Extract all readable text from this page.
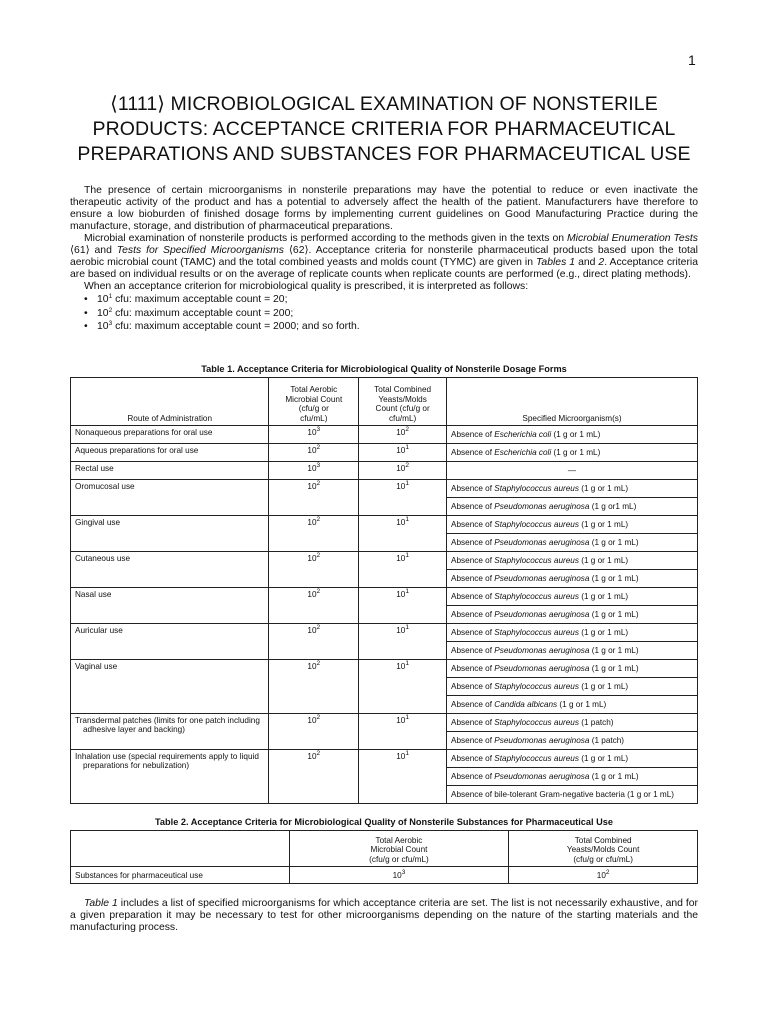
1
⟨1111⟩ MICROBIOLOGICAL EXAMINATION OF NONSTERILE
PRODUCTS: ACCEPTANCE CRITERIA FOR PHARMACEUTICAL
PREPARATIONS AND SUBSTANCES FOR PHARMACEUTICAL USE

The presence of certain microorganisms in nonsterile preparations may have the potential to reduce or even inactivate the therapeutic activity of the product and has a potential to adversely affect the health of the patient. Manufacturers have therefore to ensure a low bioburden of finished dosage forms by implementing current guidelines on Good Manufacturing Practice during the manufacture, storage, and distribution of pharmaceutical preparations.

Microbial examination of nonsterile products is performed according to the methods given in the texts on Microbial Enumeration Tests ⟨61⟩ and Tests for Specified Microorganisms ⟨62⟩. Acceptance criteria for nonsterile pharmaceutical products based upon the total aerobic microbial count (TAMC) and the total combined yeasts and molds count (TYMC) are given in Tables 1 and 2. Acceptance criteria are based on individual results or on the average of replicate counts when replicate counts are performed (e.g., direct plating methods).

When an acceptance criterion for microbiological quality is prescribed, it is interpreted as follows:

• $10^1$ cfu: maximum acceptable count = 20;
• $10^2$ cfu: maximum acceptable count = 200;
• $10^3$ cfu: maximum acceptable count = 2000; and so forth.
Table 1. Acceptance Criteria for Microbiological Quality of Nonsterile Dosage Forms
Route of Administration	Total Aerobic
Microbial Count
(cfu/g or
cfu/mL)	Total Combined
Yeasts/Molds
Count (cfu/g or
cfu/mL)	Specified Microorganism(s)

Nonaqueous preparations for oral use	$10^3$	$10^2$	Absence of Escherichia coli (1 g or 1 mL)

Aqueous preparations for oral use	$10^2$	$10^1$	Absence of Escherichia coli (1 g or 1 mL)

Rectal use	$10^3$	$10^2$	—

Oromucosal use	$10^2$	$10^1$	Absence of Staphylococcus aureus (1 g or 1 mL)
			Absence of Pseudomonas aeruginosa (1 g or1 mL)

Gingival use	$10^2$	$10^1$	Absence of Staphylococcus aureus (1 g or 1 mL)
			Absence of Pseudomonas aeruginosa (1 g or 1 mL)

Cutaneous use	$10^2$	$10^1$	Absence of Staphylococcus aureus (1 g or 1 mL)
			Absence of Pseudomonas aeruginosa (1 g or 1 mL)

Nasal use	$10^2$	$10^1$	Absence of Staphylococcus aureus (1 g or 1 mL)
			Absence of Pseudomonas aeruginosa (1 g or 1 mL)

Auricular use	$10^2$	$10^1$	Absence of Staphylococcus aureus (1 g or 1 mL)
			Absence of Pseudomonas aeruginosa (1 g or 1 mL)

Vaginal use	$10^2$	$10^1$	Absence of Pseudomonas aeruginosa (1 g or 1 mL)
			Absence of Staphylococcus aureus (1 g or 1 mL)
			Absence of Candida albicans (1 g or 1 mL)

Transdermal patches (limits for one patch including adhesive layer and backing)	$10^2$	$10^1$	Absence of Staphylococcus aureus (1 patch)
			Absence of Pseudomonas aeruginosa (1 patch)

Inhalation use (special requirements apply to liquid preparations for nebulization)	$10^2$	$10^1$	Absence of Staphylococcus aureus (1 g or 1 mL)
			Absence of Pseudomonas aeruginosa (1 g or 1 mL)
			Absence of bile-tolerant Gram-negative bacteria (1 g or 1 mL)
Table 2. Acceptance Criteria for Microbiological Quality of Nonsterile Substances for Pharmaceutical Use
	Total Aerobic
Microbial Count
(cfu/g or cfu/mL)	Total Combined
Yeasts/Molds Count
(cfu/g or cfu/mL)
Substances for pharmaceutical use	$10^3$	$10^2$

Table 1 includes a list of specified microorganisms for which acceptance criteria are set. The list is not necessarily exhaustive, and for a given preparation it may be necessary to test for other microorganisms depending on the nature of the starting materials and the manufacturing process.
